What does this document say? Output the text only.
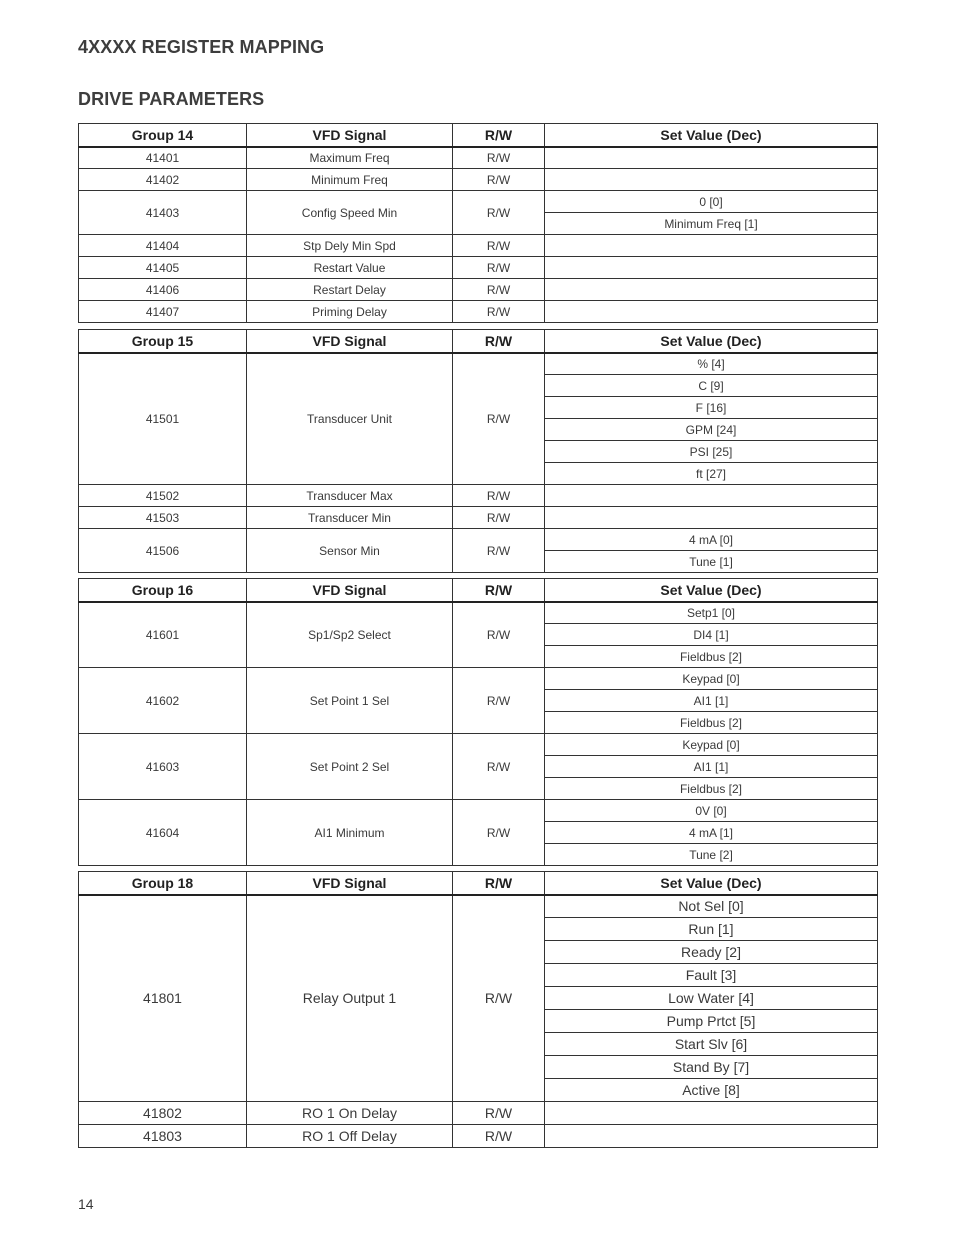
4XXXX REGISTER MAPPING
DRIVE PARAMETERS
Group 14	VFD Signal	R/W	Set Value (Dec)
41401	Maximum Freq	R/W	
41402	Minimum Freq	R/W	
41403	Config Speed Min	R/W	0 [0]
			Minimum Freq [1]
41404	Stp Dely Min Spd	R/W	
41405	Restart Value	R/W	
41406	Restart Delay	R/W	
41407	Priming Delay	R/W	
Group 15	VFD Signal	R/W	Set Value (Dec)
41501	Transducer Unit	R/W	% [4]
			C [9]
			F [16]
			GPM [24]
			PSI [25]
			ft [27]
41502	Transducer Max	R/W	
41503	Transducer Min	R/W	
41506	Sensor Min	R/W	4 mA [0]
			Tune [1]
Group 16	VFD Signal	R/W	Set Value (Dec)
41601	Sp1/Sp2 Select	R/W	Setp1 [0]
			DI4 [1]
			Fieldbus [2]
41602	Set Point 1 Sel	R/W	Keypad [0]
			AI1 [1]
			Fieldbus [2]
41603	Set Point 2 Sel	R/W	Keypad [0]
			AI1 [1]
			Fieldbus [2]
41604	AI1 Minimum	R/W	0V [0]
			4 mA [1]
			Tune [2]
Group 18	VFD Signal	R/W	Set Value (Dec)
41801	Relay Output 1	R/W	Not Sel [0]
			Run [1]
			Ready [2]
			Fault [3]
			Low Water [4]
			Pump Prtct [5]
			Start Slv [6]
			Stand By [7]
			Active [8]
41802	RO 1 On Delay	R/W	
41803	RO 1 Off Delay	R/W	
14
